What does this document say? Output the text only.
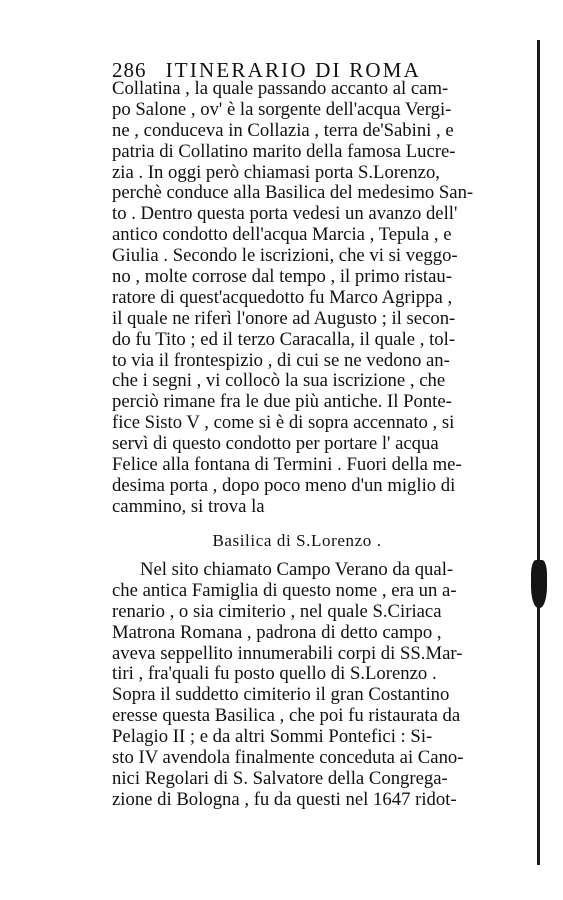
286 ITINERARIO DI ROMA
Collatina , la quale passando accanto al cam-
po Salone , ov' è la sorgente dell'acqua Vergi-
ne , conduceva in Collazia , terra de'Sabini , e
patria di Collatino marito della famosa Lucre-
zia . In oggi però chiamasi porta S.Lorenzo,
perchè conduce alla Basilica del medesimo San-
to . Dentro questa porta vedesi un avanzo dell'
antico condotto dell'acqua Marcia , Tepula , e
Giulia . Secondo le iscrizioni, che vi si veggo-
no , molte corrose dal tempo , il primo ristau-
ratore di quest'acquedotto fu Marco Agrippa ,
il quale ne riferì l'onore ad Augusto ; il secon-
do fu Tito ; ed il terzo Caracalla, il quale , tol-
to via il frontespizio , di cui se ne vedono an-
che i segni , vi collocò la sua iscrizione , che
perciò rimane fra le due più antiche. Il Ponte-
fice Sisto V , come si è di sopra accennato , si
servì di questo condotto per portare l' acqua
Felice alla fontana di Termini . Fuori della me-
desima porta , dopo poco meno d'un miglio di
cammino, si trova la
Basilica di S.Lorenzo .
Nel sito chiamato Campo Verano da qual-
che antica Famiglia di questo nome , era un a-
renario , o sia cimiterio , nel quale S.Ciriaca
Matrona Romana , padrona di detto campo ,
aveva seppellito innumerabili corpi di SS.Mar-
tiri , fra'quali fu posto quello di S.Lorenzo .
Sopra il suddetto cimiterio il gran Costantino
eresse questa Basilica , che poi fu ristaurata da
Pelagio II ; e da altri Sommi Pontefici : Si-
sto IV avendola finalmente conceduta ai Cano-
nici Regolari di S. Salvatore della Congrega-
zione di Bologna , fu da questi nel 1647 ridot-
